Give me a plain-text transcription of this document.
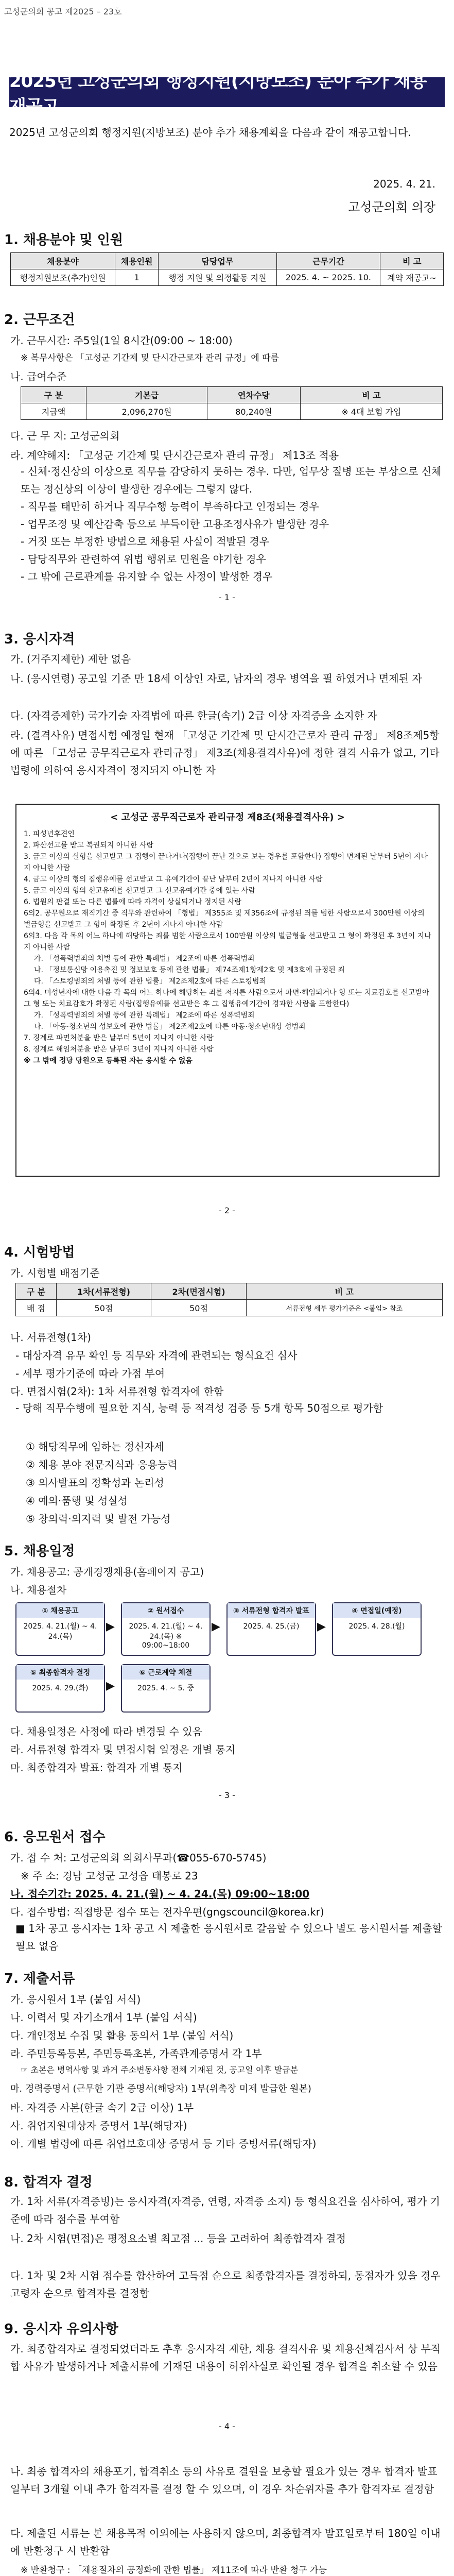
고성군의회 공고 제2025 – 23호
2025년 고성군의회 행정지원(지방보조) 분야 추가 채용 재공고
2025년 고성군의회 행정지원(지방보조) 분야 추가 채용계획을 다음과 같이 재공고합니다.
2025. 4. 21.
고성군의회 의장
1. 채용분야 및 인원
채용분야	채용인원	담당업무	근무기간	비 고
행정지원보조(추가)인원	1	행정 지원 및 의정활동 지원	2025. 4. ~ 2025. 10.	계약 재공고~
2. 근무조건
가. 근무시간: 주5일(1일 8시간(09:00 ~ 18:00)
※ 복무사항은 「고성군 기간제 및 단시간근로자 관리 규정」에 따름
나. 급여수준
구 분	기본급	연차수당	비 고
지급액	2,096,270원	80,240원	※ 4대 보험 가입
다. 근 무 지: 고성군의회
라. 계약해지: 「고성군 기간제 및 단시간근로자 관리 규정」 제13조 적용
- 신체·정신상의 이상으로 직무를 감당하지 못하는 경우. 다만, 업무상 질병 또는 부상으로 신체 또는 정신상의 이상이 발생한 경우에는 그렇지 않다.
- 직무를 태만히 하거나 직무수행 능력이 부족하다고 인정되는 경우
- 업무조정 및 예산감축 등으로 부득이한 고용조정사유가 발생한 경우
- 거짓 또는 부정한 방법으로 채용된 사실이 적발된 경우
- 담당직무와 관련하여 위법 행위로 민원을 야기한 경우
- 그 밖에 근로관계를 유지할 수 없는 사정이 발생한 경우
- 1 -
3. 응시자격
가. (거주지제한) 제한 없음
나. (응시연령) 공고일 기준 만 18세 이상인 자로, 남자의 경우 병역을 필 하였거나 면제된 자
다. (자격증제한) 국가기술 자격법에 따른 한글(속기) 2급 이상 자격증을 소지한 자
라. (결격사유) 면접시험 예정일 현재 「고성군 기간제 및 단시간근로자 관리 규정」 제8조제5항에 따른 「고성군 공무직근로자 관리규정」 제3조(채용결격사유)에 정한 결격 사유가 없고, 기타 법령에 의하여 응시자격이 정지되지 아니한 자
< 고성군 공무직근로자 관리규정 제8조(채용결격사유) >
1. 피성년후견인
2. 파산선고를 받고 복권되지 아니한 사람
3. 금고 이상의 실형을 선고받고 그 집행이 끝나거나(집행이 끝난 것으로 보는 경우를 포함한다) 집행이 면제된 날부터 5년이 지나지 아니한 사람
4. 금고 이상의 형의 집행유예를 선고받고 그 유예기간이 끝난 날부터 2년이 지나지 아니한 사람
5. 금고 이상의 형의 선고유예를 선고받고 그 선고유예기간 중에 있는 사람
6. 법원의 판결 또는 다른 법률에 따라 자격이 상실되거나 정지된 사람
6의2. 공무원으로 재직기간 중 직무와 관련하여 「형법」 제355조 및 제356조에 규정된 죄를 범한 사람으로서 300만원 이상의 벌금형을 선고받고 그 형이 확정된 후 2년이 지나지 아니한 사람
6의3. 다음 각 목의 어느 하나에 해당하는 죄를 범한 사람으로서 100만원 이상의 벌금형을 선고받고 그 형이 확정된 후 3년이 지나지 아니한 사람
가. 「성폭력범죄의 처벌 등에 관한 특례법」 제2조에 따른 성폭력범죄
나. 「정보통신망 이용촉진 및 정보보호 등에 관한 법률」 제74조제1항제2호 및 제3호에 규정된 죄
다. 「스토킹범죄의 처벌 등에 관한 법률」 제2조제2호에 따른 스토킹범죄
6의4. 미성년자에 대한 다음 각 목의 어느 하나에 해당하는 죄를 저지른 사람으로서 파면·해임되거나 형 또는 치료감호를 선고받아 그 형 또는 치료감호가 확정된 사람(집행유예를 선고받은 후 그 집행유예기간이 경과한 사람을 포함한다)
가. 「성폭력범죄의 처벌 등에 관한 특례법」 제2조에 따른 성폭력범죄
나. 「아동·청소년의 성보호에 관한 법률」 제2조제2호에 따른 아동·청소년대상 성범죄
7. 징계로 파면처분을 받은 날부터 5년이 지나지 아니한 사람
8. 징계로 해임처분을 받은 날부터 3년이 지나지 아니한 사람
※ 그 밖에 정당 당원으로 등록된 자는 응시할 수 없음
- 2 -
4. 시험방법
가. 시험별 배점기준
구 분	1차(서류전형)	2차(면접시험)	비 고
배 점	50점	50점	서류전형 세부 평가기준은 <붙임> 참조
나. 서류전형(1차)
- 대상자격 유무 확인 등 직무와 자격에 관련되는 형식요건 심사
- 세부 평가기준에 따라 가점 부여
다. 면접시험(2차): 1차 서류전형 합격자에 한함
- 당해 직무수행에 필요한 지식, 능력 등 적격성 검증 등 5개 항목 50점으로 평가함
① 해당직무에 임하는 정신자세
② 채용 분야 전문지식과 응용능력
③ 의사발표의 정확성과 논리성
④ 예의·품행 및 성실성
⑤ 창의력·의지력 및 발전 가능성
5. 채용일정
가. 채용공고: 공개경쟁채용(홈페이지 공고)
나. 채용절차
① 채용공고
2025. 4. 21.(월) ~ 4. 24.(목)
▶
② 원서접수
2025. 4. 21.(월) ~ 4. 24.(목) ※ 09:00~18:00
▶
③ 서류전형 합격자 발표
2025. 4. 25.(금)	▶
④ 면접일(예정)
2025. 4. 28.(월)
⑤ 최종합격자 결정
2025. 4. 29.(화)	▶
⑥ 근로계약 체결
2025. 4. ~ 5. 중
다. 채용일정은 사정에 따라 변경될 수 있음
라. 서류전형 합격자 및 면접시험 일정은 개별 통지
마. 최종합격자 발표: 합격자 개별 통지
- 3 -
6. 응모원서 접수
가. 접 수 처: 고성군의회 의회사무과(☎055-670-5745)
※ 주 소: 경남 고성군 고성읍 태봉로 23
나. 접수기간: 2025. 4. 21.(월) ~ 4. 24.(목) 09:00~18:00
다. 접수방법: 직접방문 접수 또는 전자우편(gngscouncil@korea.kr)
■ 1차 공고 응시자는 1차 공고 시 제출한 응시원서로 갈음할 수 있으나 별도 응시원서를 제출할 필요 없음
7. 제출서류
가. 응시원서 1부 (붙임 서식)
나. 이력서 및 자기소개서 1부 (붙임 서식)
다. 개인정보 수집 및 활용 동의서 1부 (붙임 서식)
라. 주민등록등본, 주민등록초본, 가족관계증명서 각 1부
☞ 초본은 병역사항 및 과거 주소변동사항 전체 기재된 것, 공고일 이후 발급분
마. 경력증명서 (근무한 기관 증명서(해당자) 1부(위촉장 미제 발급한 원본)
바. 자격증 사본(한글 속기 2급 이상) 1부
사. 취업지원대상자 증명서 1부(해당자)
아. 개별 법령에 따른 취업보호대상 증명서 등 기타 증빙서류(해당자)
8. 합격자 결정
가. 1차 서류(자격증빙)는 응시자격(자격증, 연령, 자격증 소지) 등 형식요건을 심사하여, 평가 기준에 따라 점수를 부여함
나. 2차 시험(면접)은 평정요소별 최고점 ... 등을 고려하여 최종합격자 결정
다. 1차 및 2차 시험 점수를 합산하여 고득점 순으로 최종합격자를 결정하되, 동점자가 있을 경우 고령자 순으로 합격자를 결정함
9. 응시자 유의사항
가. 최종합격자로 결정되었더라도 추후 응시자격 제한, 채용 결격사유 및 채용신체검사서 상 부적합 사유가 발생하거나 제출서류에 기재된 내용이 허위사실로 확인될 경우 합격을 취소할 수 있음
- 4 -
나. 최종 합격자의 채용포기, 합격취소 등의 사유로 결원을 보충할 필요가 있는 경우 합격자 발표일부터 3개월 이내 추가 합격자를 결정 할 수 있으며, 이 경우 차순위자를 추가 합격자로 결정함
다. 제출된 서류는 본 채용목적 이외에는 사용하지 않으며, 최종합격자 발표일로부터 180일 이내에 반환청구 시 반환함
※ 반환청구 : 「채용절차의 공정화에 관한 법률」 제11조에 따라 반환 청구 가능
